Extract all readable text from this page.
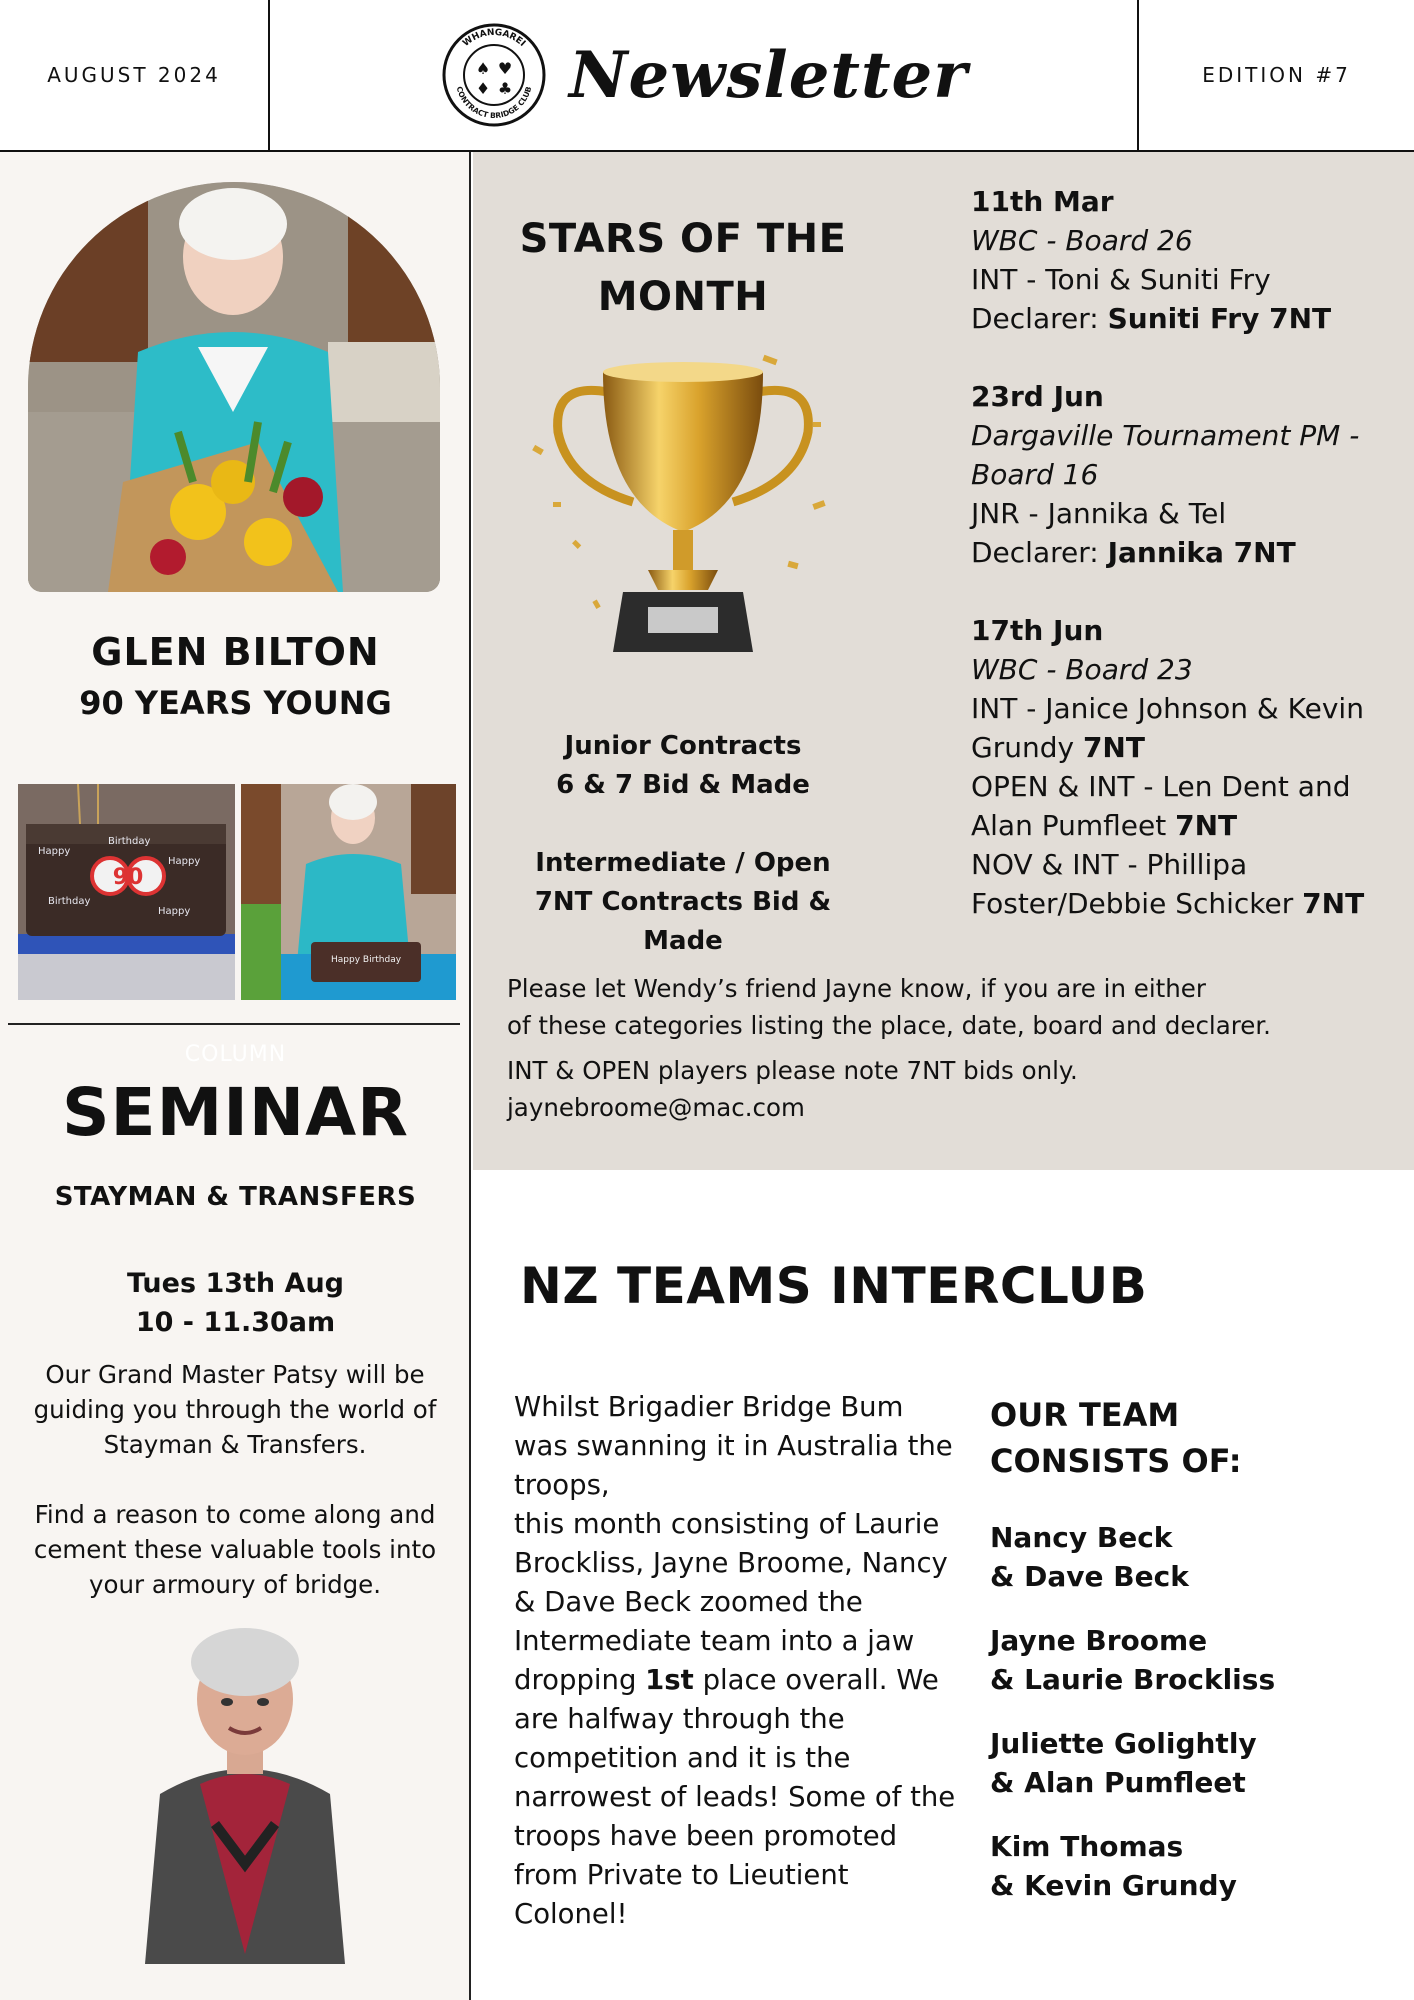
AUGUST 2024
WHANGAREI
CONTRACT BRIDGE CLUB
♠ ♥
♦ ♣ Newsletter	EDITION #7
GLEN BILTON
90 YEARS YOUNG
Happy
Birthday
Happy
Birthday
Happy
90
Happy Birthday
COLUMN
SEMINAR
STAYMAN & TRANSFERS
Tues 13th Aug
10 - 11.30am

Our Grand Master Patsy will be guiding you through the world of Stayman & Transfers.

Find a reason to come along and cement these valuable tools into your armoury of bridge.

STARS OF THE
MONTH
Junior Contracts
6 & 7 Bid & Made
Intermediate / Open
7NT Contracts Bid & Made
11th Mar
WBC - Board 26
INT - Toni & Suniti Fry
Declarer: Suniti Fry 7NT
23rd Jun
Dargaville Tournament PM - Board 16
JNR - Jannika & Tel
Declarer: Jannika 7NT
17th Jun
WBC - Board 23
INT - Janice Johnson & Kevin Grundy 7NT
OPEN & INT - Len Dent and Alan Pumfleet 7NT
NOV & INT - Phillipa Foster/Debbie Schicker 7NT
Please let Wendy’s friend Jayne know, if you are in either
of these categories listing the place, date, board and declarer.
INT & OPEN players please note 7NT bids only.
jaynebroome@mac.com
NZ TEAMS INTERCLUB
Whilst Brigadier Bridge Bum was swanning it in Australia the troops,
this month consisting of Laurie Brockliss, Jayne Broome, Nancy & Dave Beck zoomed the Intermediate team into a jaw dropping 1st place overall. We are halfway through the competition and it is the narrowest of leads! Some of the troops have been promoted from Private to Lieutient Colonel!
OUR TEAM
CONSISTS OF:
Nancy Beck
& Dave Beck
Jayne Broome
& Laurie Brockliss
Juliette Golightly
& Alan Pumfleet
Kim Thomas
& Kevin Grundy
